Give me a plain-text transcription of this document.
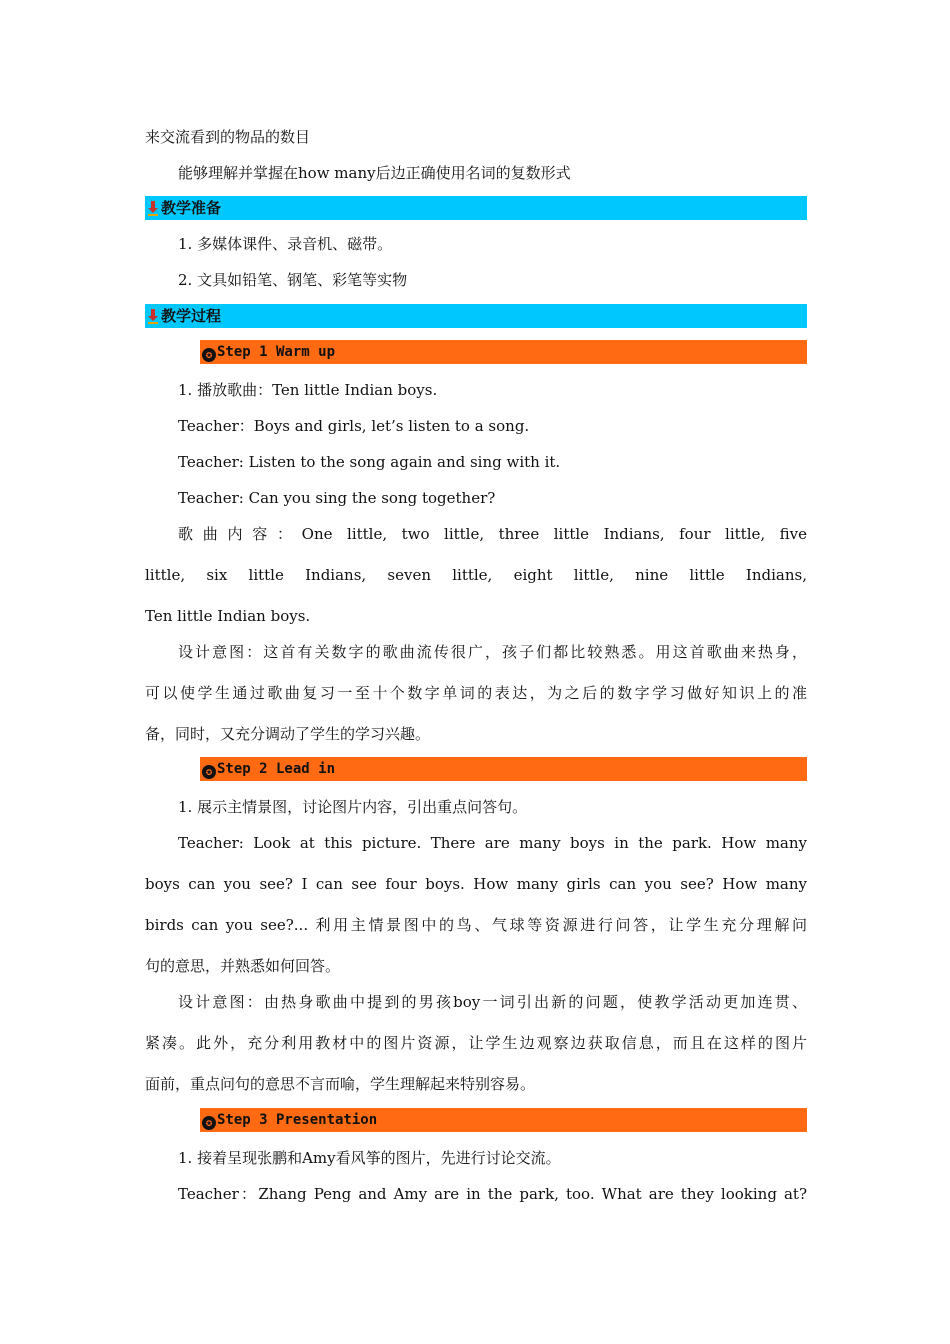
来交流看到的物品的数目
能够理解并掌握在how many后边正确使用名词的复数形式
教学准备
1. 多媒体课件、录音机、磁带。
2. 文具如铅笔、钢笔、彩笔等实物
教学过程
✪ Step 1 Warm up
1. 播放歌曲：Ten little Indian boys.
Teacher：Boys and girls, let’s listen to a song.
Teacher: Listen to the song again and sing with it.
Teacher: Can you sing the song together?
歌曲内容：One little, two little, three little Indians, four little, five
little, six little Indians, seven little, eight little, nine little Indians,
Ten little Indian boys.
设计意图：这首有关数字的歌曲流传很广，孩子们都比较熟悉。用这首歌曲来热身，
可以使学生通过歌曲复习一至十个数字单词的表达，为之后的数字学习做好知识上的准
备，同时，又充分调动了学生的学习兴趣。
✪ Step 2 Lead in
1. 展示主情景图，讨论图片内容，引出重点问答句。
Teacher: Look at this picture. There are many boys in the park. How many
boys can you see? I can see four boys. How many girls can you see? How many
birds can you see?... 利用主情景图中的鸟、气球等资源进行问答，让学生充分理解问
句的意思，并熟悉如何回答。
设计意图：由热身歌曲中提到的男孩boy一词引出新的问题，使教学活动更加连贯、
紧凑。此外，充分利用教材中的图片资源，让学生边观察边获取信息，而且在这样的图片
面前，重点问句的意思不言而喻，学生理解起来特别容易。
✪ Step 3 Presentation
1. 接着呈现张鹏和Amy看风筝的图片，先进行讨论交流。
Teacher：Zhang Peng and Amy are in the park, too. What are they looking at?
